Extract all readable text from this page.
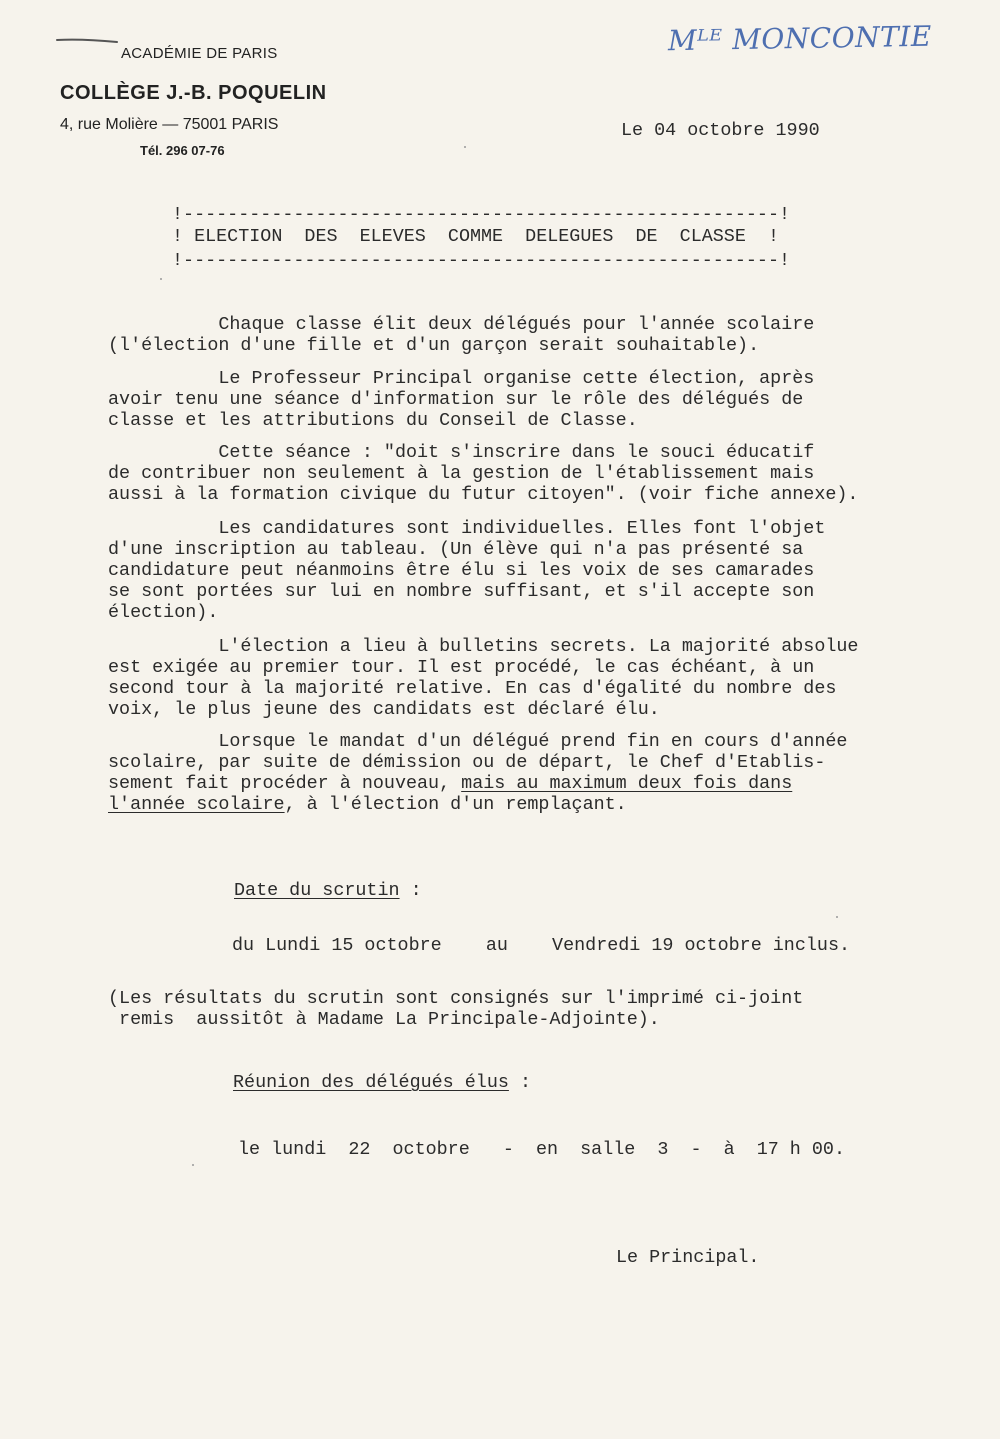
ACADÉMIE DE PARIS
COLLÈGE J.-B. POQUELIN
4, rue Molière — 75001 PARIS
Tél. 296 07-76
Mᴸᴱ MONCONTIE
Le 04 octobre 1990
!------------------------------------------------------!
! ELECTION  DES  ELEVES  COMME  DELEGUES  DE  CLASSE  !
!------------------------------------------------------!
Chaque classe élit deux délégués pour l'année scolaire
(l'élection d'une fille et d'un garçon serait souhaitable).
Le Professeur Principal organise cette élection, après
avoir tenu une séance d'information sur le rôle des délégués de
classe et les attributions du Conseil de Classe.
Cette séance : "doit s'inscrire dans le souci éducatif
de contribuer non seulement à la gestion de l'établissement mais
aussi à la formation civique du futur citoyen". (voir fiche annexe).
Les candidatures sont individuelles. Elles font l'objet
d'une inscription au tableau. (Un élève qui n'a pas présenté sa
candidature peut néanmoins être élu si les voix de ses camarades
se sont portées sur lui en nombre suffisant, et s'il accepte son
élection).
L'élection a lieu à bulletins secrets. La majorité absolue
est exigée au premier tour. Il est procédé, le cas échéant, à un
second tour à la majorité relative. En cas d'égalité du nombre des
voix, le plus jeune des candidats est déclaré élu.
Lorsque le mandat d'un délégué prend fin en cours d'année
scolaire, par suite de démission ou de départ, le Chef d'Etablis-
sement fait procéder à nouveau, mais au maximum deux fois dans
l'année scolaire, à l'élection d'un remplaçant.
Date du scrutin :
du Lundi 15 octobre    au    Vendredi 19 octobre inclus.
(Les résultats du scrutin sont consignés sur l'imprimé ci-joint
remis  aussitôt à Madame La Principale-Adjointe).
Réunion des délégués élus :
le lundi  22  octobre   -  en  salle  3  -  à  17 h 00.
Le Principal.
